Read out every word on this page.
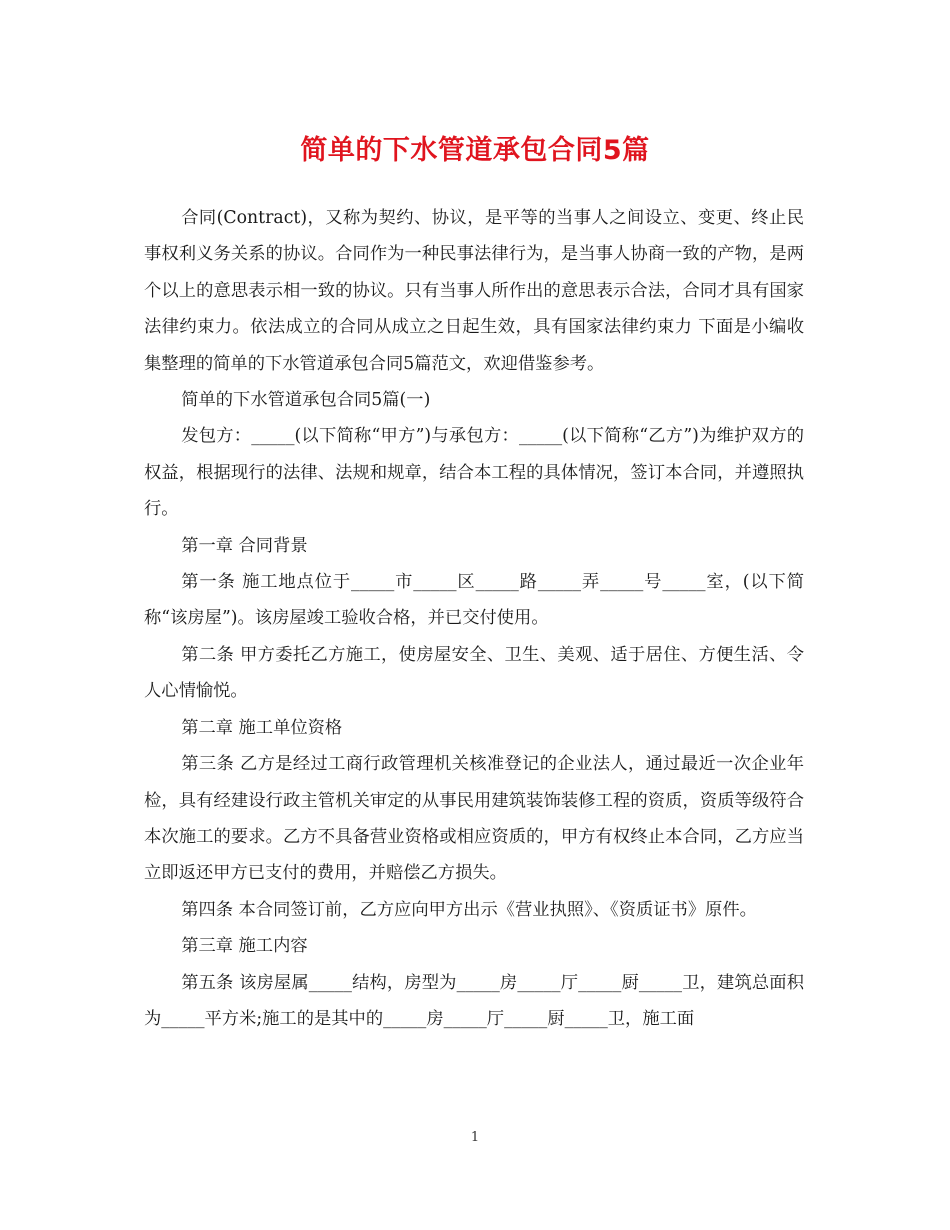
简单的下水管道承包合同5篇

合同(Contract)，又称为契约、协议，是平等的当事人之间设立、变更、终止民事权利义务关系的协议。合同作为一种民事法律行为，是当事人协商一致的产物，是两个以上的意思表示相一致的协议。只有当事人所作出的意思表示合法，合同才具有国家法律约束力。依法成立的合同从成立之日起生效，具有国家法律约束力 下面是小编收集整理的简单的下水管道承包合同5篇范文，欢迎借鉴参考。

简单的下水管道承包合同5篇(一)

发包方：_____(以下简称“甲方”)与承包方：_____(以下简称“乙方”)为维护双方的权益，根据现行的法律、法规和规章，结合本工程的具体情况，签订本合同，并遵照执行。

第一章 合同背景

第一条 施工地点位于_____市_____区_____路_____弄_____号_____室，(以下简称“该房屋”)。该房屋竣工验收合格，并已交付使用。

第二条 甲方委托乙方施工，使房屋安全、卫生、美观、适于居住、方便生活、令人心情愉悦。

第二章 施工单位资格

第三条 乙方是经过工商行政管理机关核准登记的企业法人，通过最近一次企业年检，具有经建设行政主管机关审定的从事民用建筑装饰装修工程的资质，资质等级符合本次施工的要求。乙方不具备营业资格或相应资质的，甲方有权终止本合同，乙方应当立即返还甲方已支付的费用，并赔偿乙方损失。

第四条 本合同签订前，乙方应向甲方出示《营业执照》、《资质证书》原件。

第三章 施工内容

第五条 该房屋属_____结构，房型为_____房_____厅_____厨_____卫，建筑总面积为_____平方米;施工的是其中的_____房_____厅_____厨_____卫，施工面

1
